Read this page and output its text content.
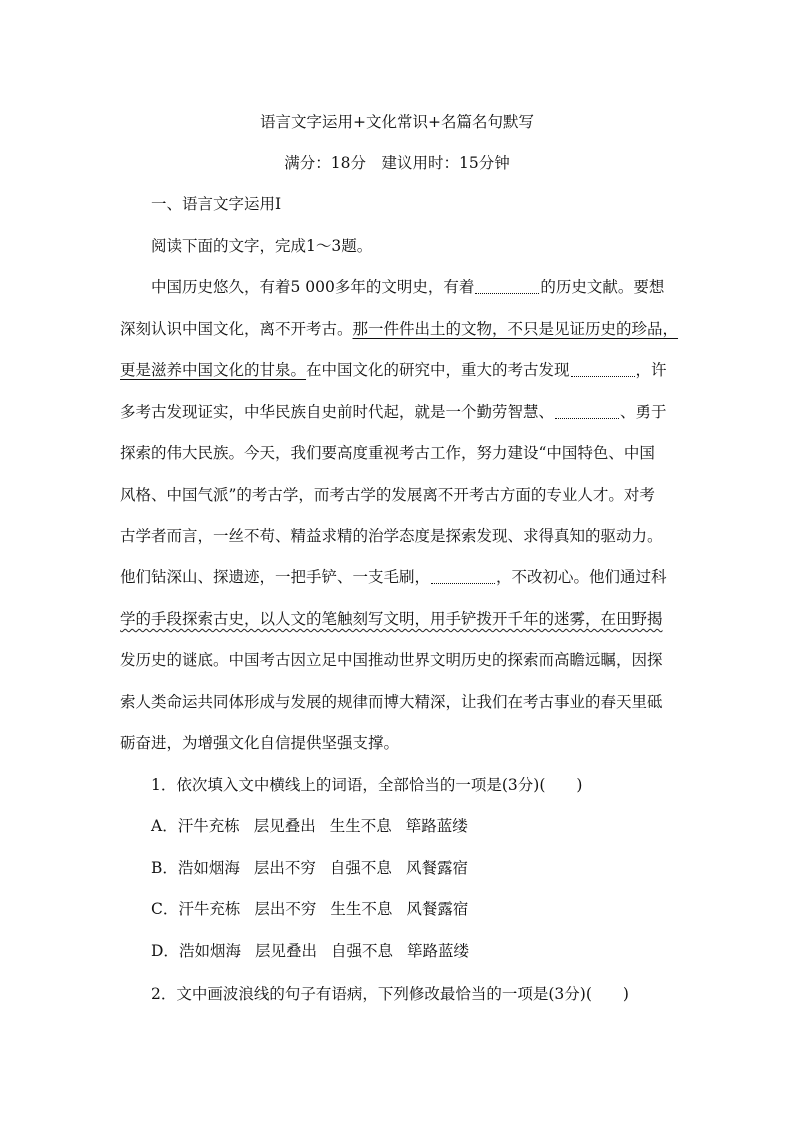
语言文字运用+文化常识+名篇名句默写
满分：18分　建议用时：15分钟
一、语言文字运用Ⅰ
阅读下面的文字，完成1～3题。
中国历史悠久，有着5 000多年的文明史，有着	的历史文献。要想
深刻认识中国文化，离不开考古。那一件件出土的文物，不只是见证历史的珍品，
更是滋养中国文化的甘泉。在中国文化的研究中，重大的考古发现	，许
多考古发现证实，中华民族自史前时代起，就是一个勤劳智慧、	、勇于
探索的伟大民族。今天，我们要高度重视考古工作，努力建设“中国特色、中国
风格、中国气派”的考古学，而考古学的发展离不开考古方面的专业人才。对考
古学者而言，一丝不苟、精益求精的治学态度是探索发现、求得真知的驱动力。
他们钻深山、探遗迹，一把手铲、一支毛刷，	，不改初心。他们通过科
学的手段探索古史，以人文的笔触刻写文明，用手铲拨开千年的迷雾，在田野揭
发历史的谜底。中国考古因立足中国推动世界文明历史的探索而高瞻远瞩，因探
索人类命运共同体形成与发展的规律而博大精深，让我们在考古事业的春天里砥
砺奋进，为增强文化自信提供坚强支撑。
1．依次填入文中横线上的词语，全部恰当的一项是(3分)(　　)
A．汗牛充栋 层见叠出 生生不息 筚路蓝缕
B．浩如烟海 层出不穷 自强不息 风餐露宿
C．汗牛充栋 层出不穷 生生不息 风餐露宿
D．浩如烟海 层见叠出 自强不息 筚路蓝缕
2．文中画波浪线的句子有语病，下列修改最恰当的一项是(3分)(　　)
